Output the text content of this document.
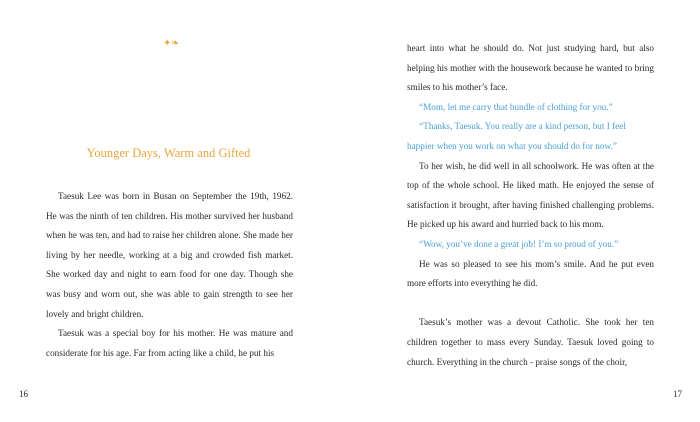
✦❧
Younger Days, Warm and Gifted

Taesuk Lee was born in Busan on September the 19th, 1962. He was the ninth of ten children. His mother survived her husband when he was ten, and had to raise her children alone. She made her living by her needle, working at a big and crowded fish market. She worked day and night to earn food for one day. Though she was busy and worn out, she was able to gain strength to see her lovely and bright children.

Taesuk was a special boy for his mother. He was mature and considerate for his age. Far from acting like a child, he put his

16

heart into what he should do. Not just studying hard, but also helping his mother with the housework because he wanted to bring smiles to his mother’s face.

“Mom, let me carry that bundle of clothing for you.”

“Thanks, Taesuk. You really are a kind person, but I feel happier when you work on what you should do for now.”

To her wish, he did well in all schoolwork. He was often at the top of the whole school. He liked math. He enjoyed the sense of satisfaction it brought, after having finished challenging problems. He picked up his award and hurried back to his mom.

“Wow, you’ve done a great job! I’m so proud of you.”

He was so pleased to see his mom’s smile. And he put even more efforts into everything he did.

Taesuk’s mother was a devout Catholic. She took her ten children together to mass every Sunday. Taesuk loved going to church. Everything in the church - praise songs of the choir,

17
